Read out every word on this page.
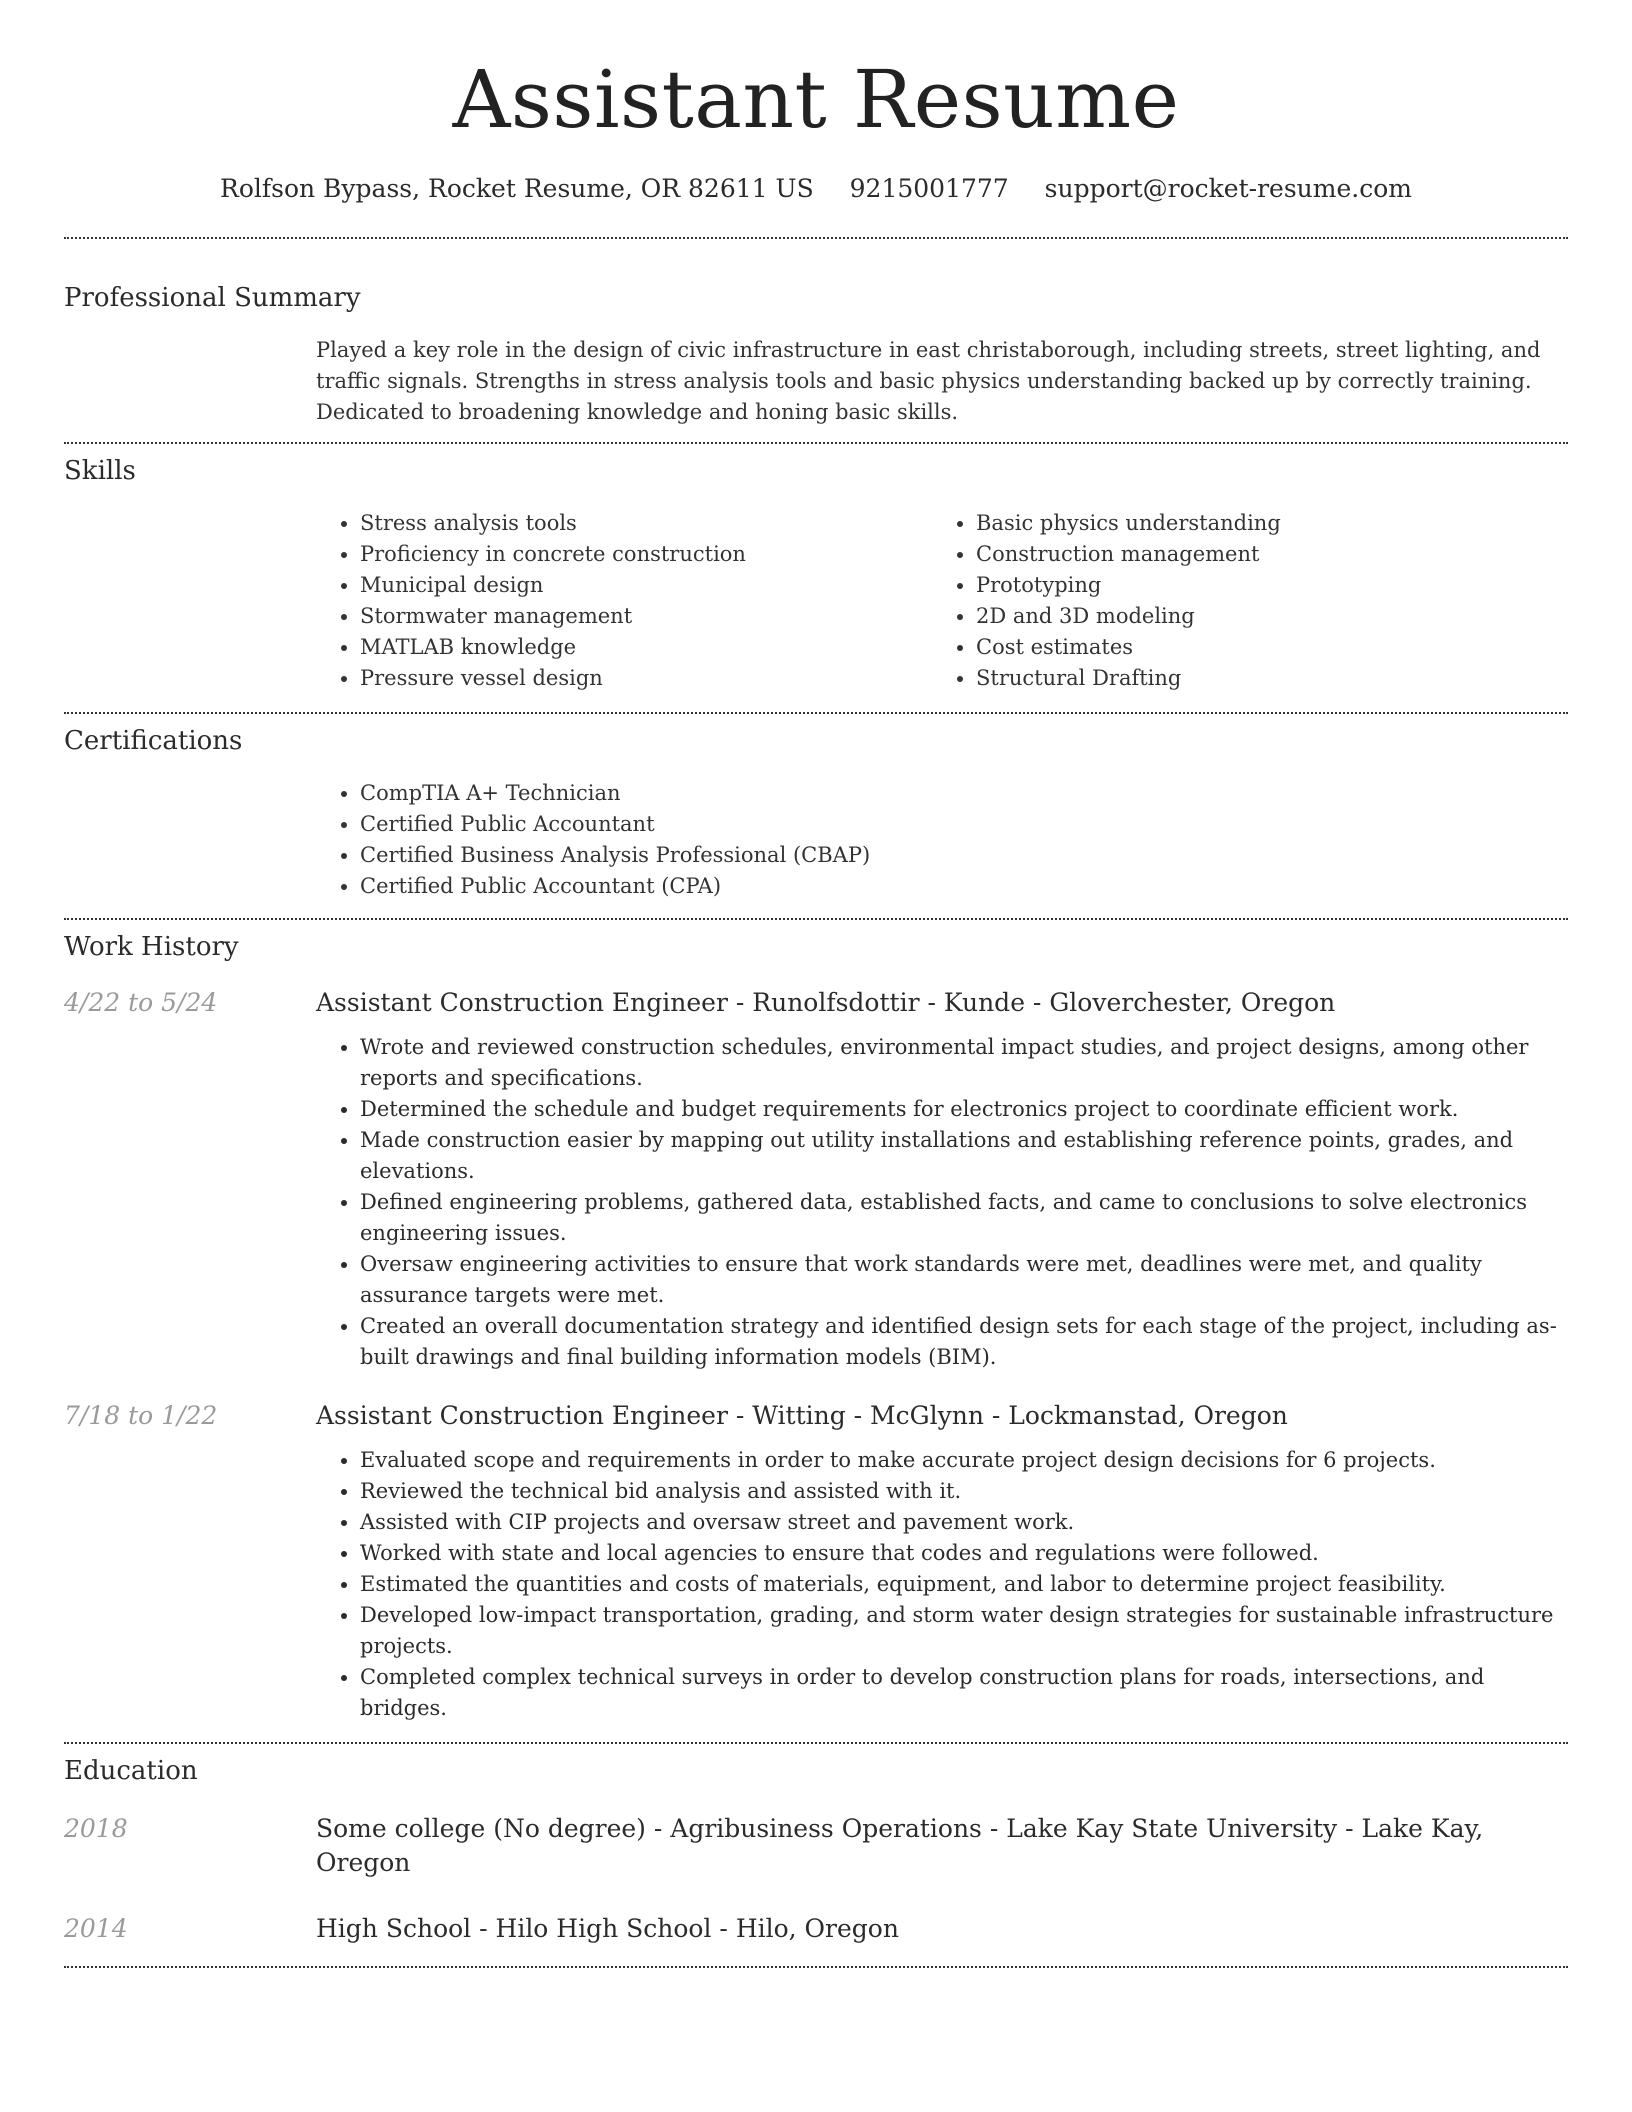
Assistant Resume
Rolfson Bypass, Rocket Resume, OR 82611 US 9215001777 support@rocket-resume.com
Professional Summary
Played a key role in the design of civic infrastructure in east christaborough, including streets, street lighting, and traffic signals. Strengths in stress analysis tools and basic physics understanding backed up by correctly training. Dedicated to broadening knowledge and honing basic skills.
Skills
• Stress analysis tools
• Proficiency in concrete construction
• Municipal design
• Stormwater management
• MATLAB knowledge
• Pressure vessel design
• Basic physics understanding
• Construction management
• Prototyping
• 2D and 3D modeling
• Cost estimates
• Structural Drafting
Certifications
• CompTIA A+ Technician
• Certified Public Accountant
• Certified Business Analysis Professional (CBAP)
• Certified Public Accountant (CPA)
Work History
4/22 to 5/24	Assistant Construction Engineer - Runolfsdottir - Kunde - Gloverchester, Oregon
• Wrote and reviewed construction schedules, environmental impact studies, and project designs, among other reports and specifications.
• Determined the schedule and budget requirements for electronics project to coordinate efficient work.
• Made construction easier by mapping out utility installations and establishing reference points, grades, and elevations.
• Defined engineering problems, gathered data, established facts, and came to conclusions to solve electronics engineering issues.
• Oversaw engineering activities to ensure that work standards were met, deadlines were met, and quality assurance targets were met.
• Created an overall documentation strategy and identified design sets for each stage of the project, including as-built drawings and final building information models (BIM).
7/18 to 1/22	Assistant Construction Engineer - Witting - McGlynn - Lockmanstad, Oregon
• Evaluated scope and requirements in order to make accurate project design decisions for 6 projects.
• Reviewed the technical bid analysis and assisted with it.
• Assisted with CIP projects and oversaw street and pavement work.
• Worked with state and local agencies to ensure that codes and regulations were followed.
• Estimated the quantities and costs of materials, equipment, and labor to determine project feasibility.
• Developed low-impact transportation, grading, and storm water design strategies for sustainable infrastructure projects.
• Completed complex technical surveys in order to develop construction plans for roads, intersections, and bridges.
Education
2018	Some college (No degree) - Agribusiness Operations - Lake Kay State University - Lake Kay, Oregon
2014	High School - Hilo High School - Hilo, Oregon
